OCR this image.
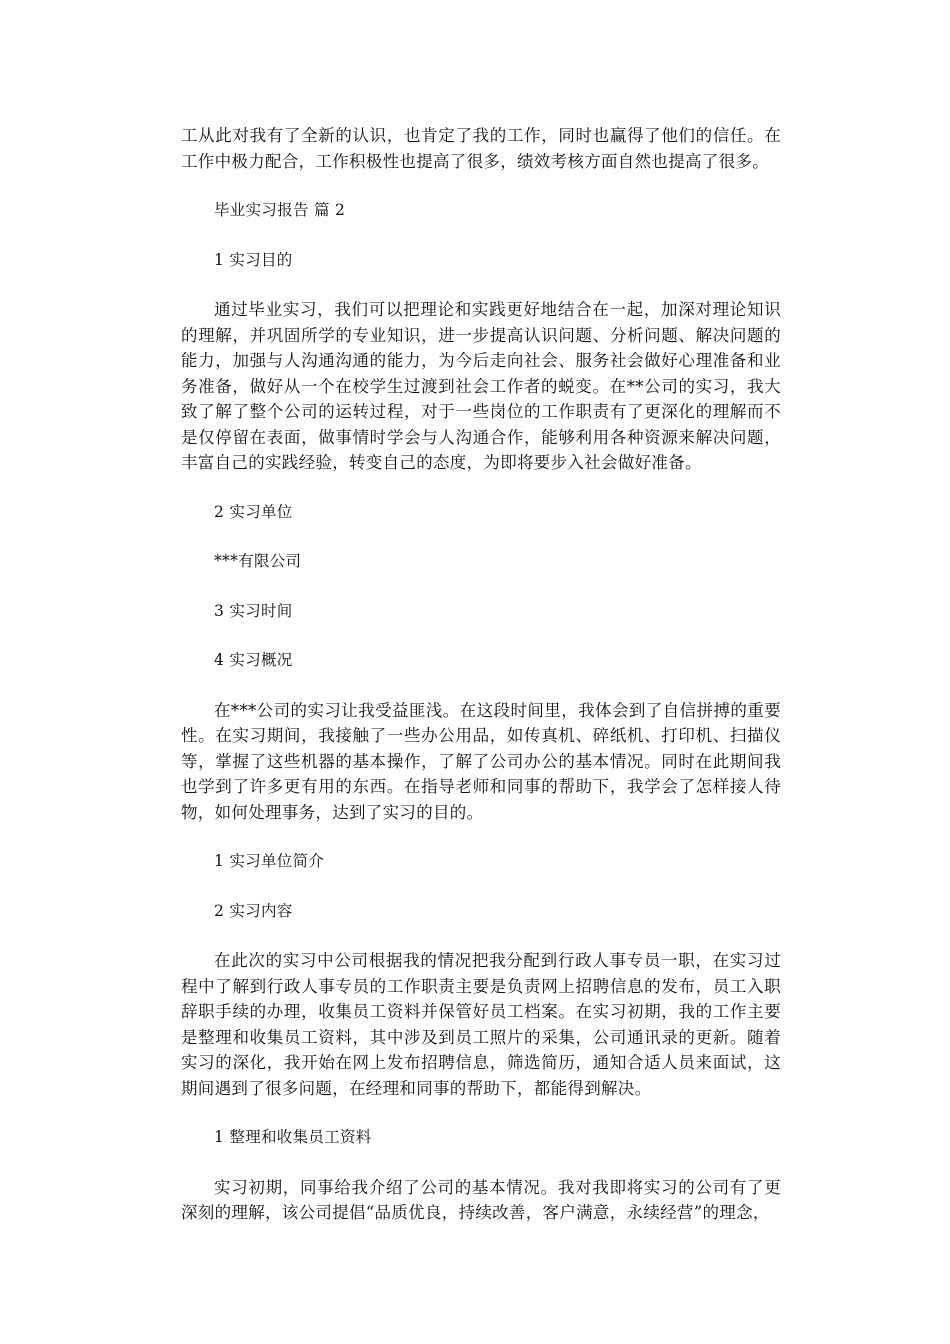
工从此对我有了全新的认识，也肯定了我的工作，同时也赢得了他们的信任。在工作中极力配合，工作积极性也提高了很多，绩效考核方面自然也提高了很多。

毕业实习报告 篇 2

1 实习目的

通过毕业实习，我们可以把理论和实践更好地结合在一起，加深对理论知识的理解，并巩固所学的专业知识，进一步提高认识问题、分析问题、解决问题的能力，加强与人沟通沟通的能力，为今后走向社会、服务社会做好心理准备和业务准备，做好从一个在校学生过渡到社会工作者的蜕变。在**公司的实习，我大致了解了整个公司的运转过程，对于一些岗位的工作职责有了更深化的理解而不是仅停留在表面，做事情时学会与人沟通合作，能够利用各种资源来解决问题，丰富自己的实践经验，转变自己的态度，为即将要步入社会做好准备。

2 实习单位

***有限公司

3 实习时间

4 实习概况

在***公司的实习让我受益匪浅。在这段时间里，我体会到了自信拼搏的重要性。在实习期间，我接触了一些办公用品，如传真机、碎纸机、打印机、扫描仪等，掌握了这些机器的基本操作，了解了公司办公的基本情况。同时在此期间我也学到了许多更有用的东西。在指导老师和同事的帮助下，我学会了怎样接人待物，如何处理事务，达到了实习的目的。

1 实习单位简介

2 实习内容

在此次的实习中公司根据我的情况把我分配到行政人事专员一职，在实习过程中了解到行政人事专员的工作职责主要是负责网上招聘信息的发布，员工入职辞职手续的办理，收集员工资料并保管好员工档案。在实习初期，我的工作主要是整理和收集员工资料，其中涉及到员工照片的采集，公司通讯录的更新。随着实习的深化，我开始在网上发布招聘信息，筛选简历，通知合适人员来面试，这期间遇到了很多问题，在经理和同事的帮助下，都能得到解决。

1 整理和收集员工资料

实习初期，同事给我介绍了公司的基本情况。我对我即将实习的公司有了更深刻的理解，该公司提倡“品质优良，持续改善，客户满意，永续经营”的理念，
